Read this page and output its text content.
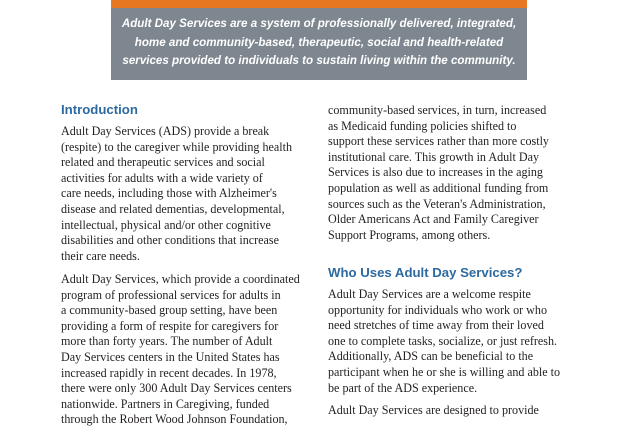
Adult Day Services are a system of professionally delivered, integrated,
home and community-based, therapeutic, social and health-related
services provided to individuals to sustain living within the community.
Introduction
Adult Day Services (ADS) provide a break
(respite) to the caregiver while providing health
related and therapeutic services and social
activities for adults with a wide variety of
care needs, including those with Alzheimer's
disease and related dementias, developmental,
intellectual, physical and/or other cognitive
disabilities and other conditions that increase
their care needs.
Adult Day Services, which provide a coordinated
program of professional services for adults in
a community-based group setting, have been
providing a form of respite for caregivers for
more than forty years. The number of Adult
Day Services centers in the United States has
increased rapidly in recent decades. In 1978,
there were only 300 Adult Day Services centers
nationwide. Partners in Caregiving, funded
through the Robert Wood Johnson Foundation,
community-based services, in turn, increased
as Medicaid funding policies shifted to
support these services rather than more costly
institutional care. This growth in Adult Day
Services is also due to increases in the aging
population as well as additional funding from
sources such as the Veteran's Administration,
Older Americans Act and Family Caregiver
Support Programs, among others.
Who Uses Adult Day Services?
Adult Day Services are a welcome respite
opportunity for individuals who work or who
need stretches of time away from their loved
one to complete tasks, socialize, or just refresh.
Additionally, ADS can be beneficial to the
participant when he or she is willing and able to
be part of the ADS experience.
Adult Day Services are designed to provide
